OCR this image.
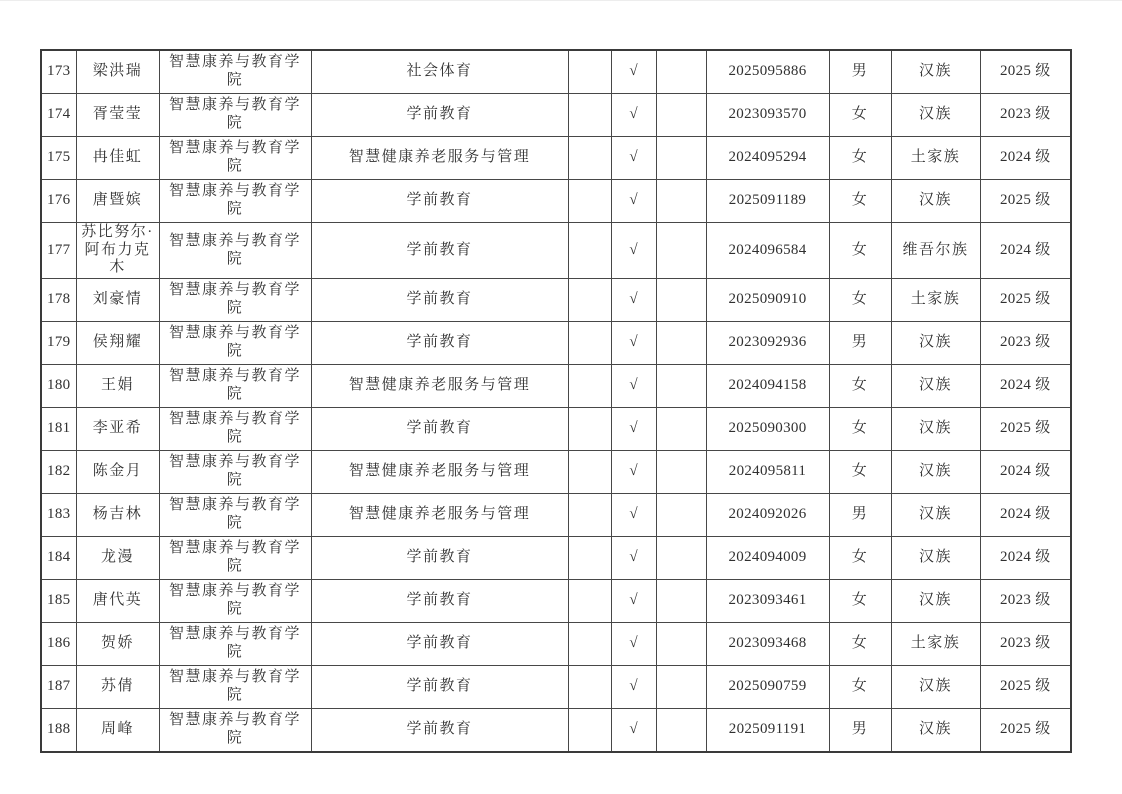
173	梁洪瑞	智慧康养与教育学院	社会体育		√		2025095886	男	汉族	2025 级
174	胥莹莹	智慧康养与教育学院	学前教育		√		2023093570	女	汉族	2023 级
175	冉佳虹	智慧康养与教育学院	智慧健康养老服务与管理		√		2024095294	女	土家族	2024 级
176	唐暨嫔	智慧康养与教育学院	学前教育		√		2025091189	女	汉族	2025 级
177	苏比努尔·阿布力克木	智慧康养与教育学院	学前教育		√		2024096584	女	维吾尔族	2024 级
178	刘豪情	智慧康养与教育学院	学前教育		√		2025090910	女	土家族	2025 级
179	侯翔耀	智慧康养与教育学院	学前教育		√		2023092936	男	汉族	2023 级
180	王娟	智慧康养与教育学院	智慧健康养老服务与管理		√		2024094158	女	汉族	2024 级
181	李亚希	智慧康养与教育学院	学前教育		√		2025090300	女	汉族	2025 级
182	陈金月	智慧康养与教育学院	智慧健康养老服务与管理		√		2024095811	女	汉族	2024 级
183	杨吉林	智慧康养与教育学院	智慧健康养老服务与管理		√		2024092026	男	汉族	2024 级
184	龙漫	智慧康养与教育学院	学前教育		√		2024094009	女	汉族	2024 级
185	唐代英	智慧康养与教育学院	学前教育		√		2023093461	女	汉族	2023 级
186	贺娇	智慧康养与教育学院	学前教育		√		2023093468	女	土家族	2023 级
187	苏倩	智慧康养与教育学院	学前教育		√		2025090759	女	汉族	2025 级
188	周峰	智慧康养与教育学院	学前教育		√		2025091191	男	汉族	2025 级
